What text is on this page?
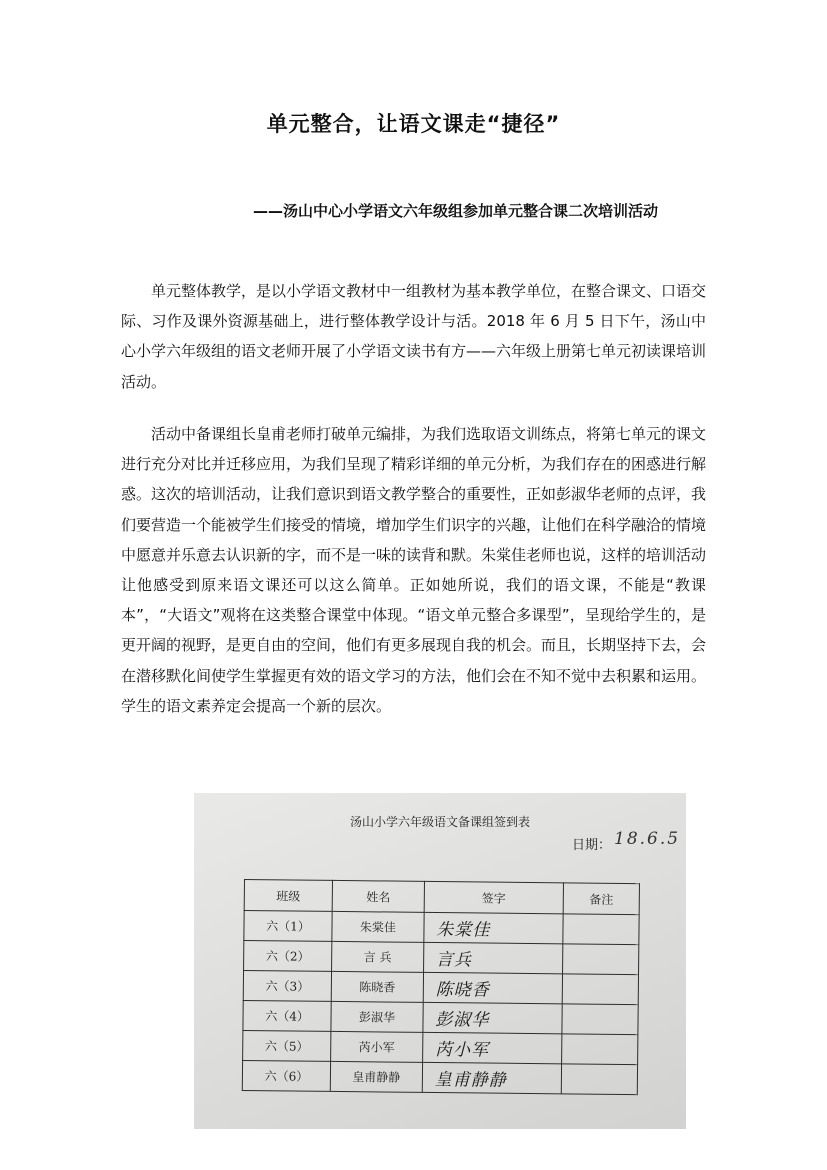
单元整合，让语文课走“捷径”
——汤山中心小学语文六年级组参加单元整合课二次培训活动

单元整体教学，是以小学语文教材中一组教材为基本教学单位，在整合课文、口语交际、习作及课外资源基础上，进行整体教学设计与活。2018 年 6 月 5 日下午，汤山中心小学六年级组的语文老师开展了小学语文读书有方——六年级上册第七单元初读课培训活动。

活动中备课组长皇甫老师打破单元编排，为我们选取语文训练点，将第七单元的课文进行充分对比并迁移应用，为我们呈现了精彩详细的单元分析，为我们存在的困惑进行解惑。这次的培训活动，让我们意识到语文教学整合的重要性，正如彭淑华老师的点评，我们要营造一个能被学生们接受的情境，增加学生们识字的兴趣，让他们在科学融洽的情境中愿意并乐意去认识新的字，而不是一味的读背和默。朱棠佳老师也说，这样的培训活动让他感受到原来语文课还可以这么简单。正如她所说，我们的语文课，不能是“教课本”，“大语文”观将在这类整合课堂中体现。“语文单元整合多课型”，呈现给学生的，是更开阔的视野，是更自由的空间，他们有更多展现自我的机会。而且，长期坚持下去，会在潜移默化间使学生掌握更有效的语文学习的方法，他们会在不知不觉中去积累和运用。学生的语文素养定会提高一个新的层次。

汤山小学六年级语文备课组签到表
日期： 18.6.5
班级	姓名	签字	备注
六（1）	朱棠佳	朱棠佳	
六（2）	言 兵	言兵	
六（3）	陈晓香	陈晓香	
六（4）	彭淑华	彭淑华	
六（5）	芮小军	芮小军	
六（6）	皇甫静静	皇甫静静	
